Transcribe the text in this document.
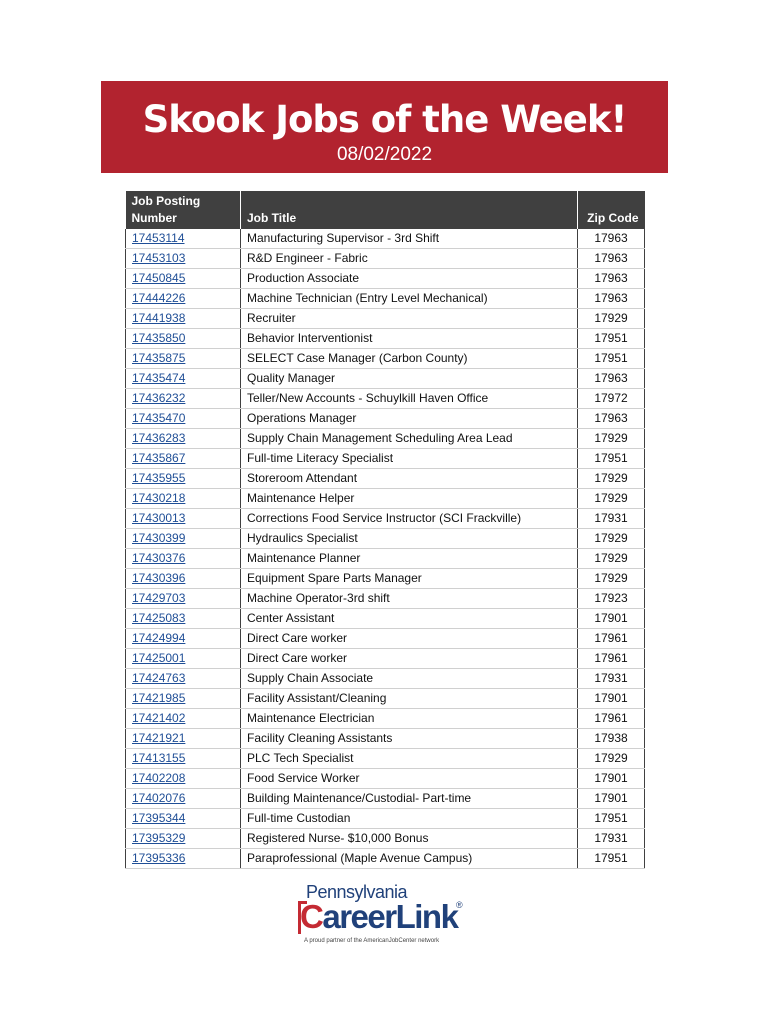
Skook Jobs of the Week!
08/02/2022
Job Posting
Number	Job Title	Zip Code
17453114	Manufacturing Supervisor - 3rd Shift	17963
17453103	R&D Engineer - Fabric	17963
17450845	Production Associate	17963
17444226	Machine Technician (Entry Level Mechanical)	17963
17441938	Recruiter	17929
17435850	Behavior Interventionist	17951
17435875	SELECT Case Manager (Carbon County)	17951
17435474	Quality Manager	17963
17436232	Teller/New Accounts - Schuylkill Haven Office	17972
17435470	Operations Manager	17963
17436283	Supply Chain Management Scheduling Area Lead	17929
17435867	Full-time Literacy Specialist	17951
17435955	Storeroom Attendant	17929
17430218	Maintenance Helper	17929
17430013	Corrections Food Service Instructor (SCI Frackville)	17931
17430399	Hydraulics Specialist	17929
17430376	Maintenance Planner	17929
17430396	Equipment Spare Parts Manager	17929
17429703	Machine Operator-3rd shift	17923
17425083	Center Assistant	17901
17424994	Direct Care worker	17961
17425001	Direct Care worker	17961
17424763	Supply Chain Associate	17931
17421985	Facility Assistant/Cleaning	17901
17421402	Maintenance Electrician	17961
17421921	Facility Cleaning Assistants	17938
17413155	PLC Tech Specialist	17929
17402208	Food Service Worker	17901
17402076	Building Maintenance/Custodial- Part-time	17901
17395344	Full-time Custodian	17951
17395329	Registered Nurse- $10,000 Bonus	17931
17395336	Paraprofessional (Maple Avenue Campus)	17951
Pennsylvania
CareerLink
®
A proud partner of the AmericanJobCenter network
